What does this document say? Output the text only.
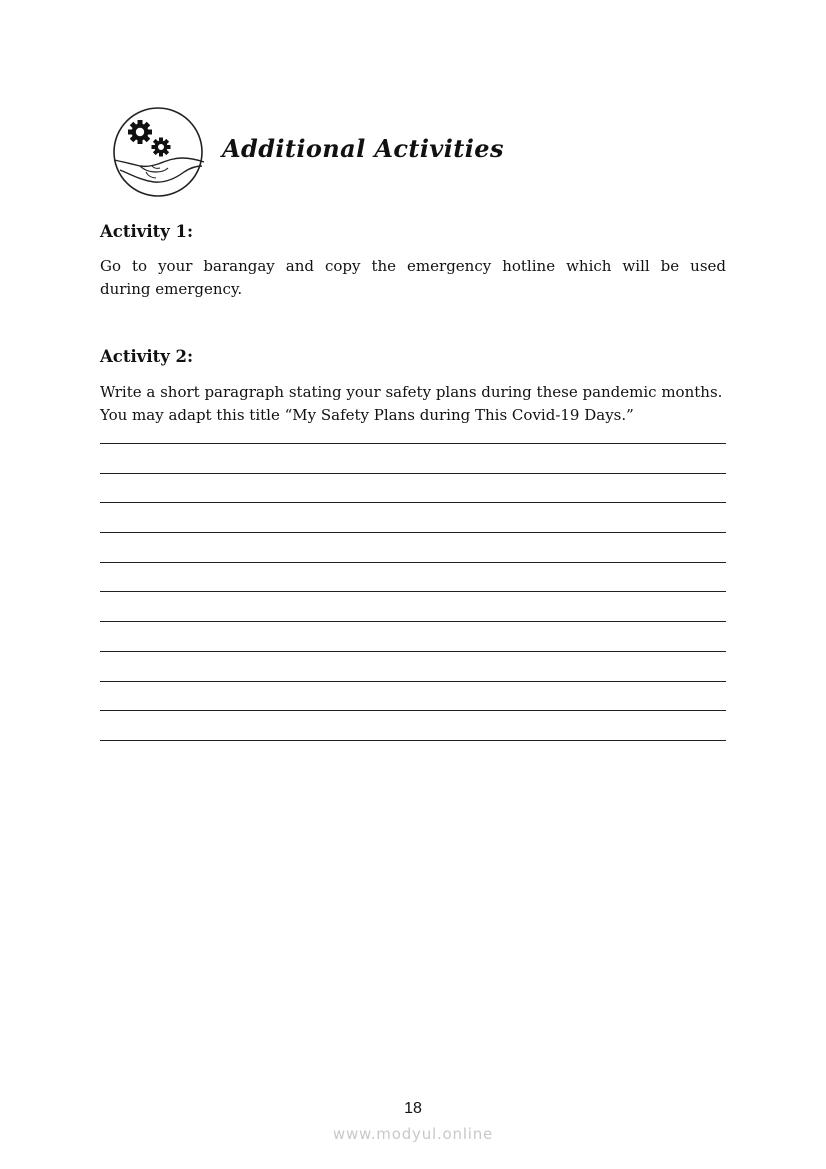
Additional Activities
Activity 1:

Go to your barangay and copy the emergency hotline which will be used
during emergency.

Activity 2:

Write a short paragraph stating your safety plans during these pandemic months.
You may adapt this title “My Safety Plans during This Covid-19 Days.”

18
www.modyul.online
